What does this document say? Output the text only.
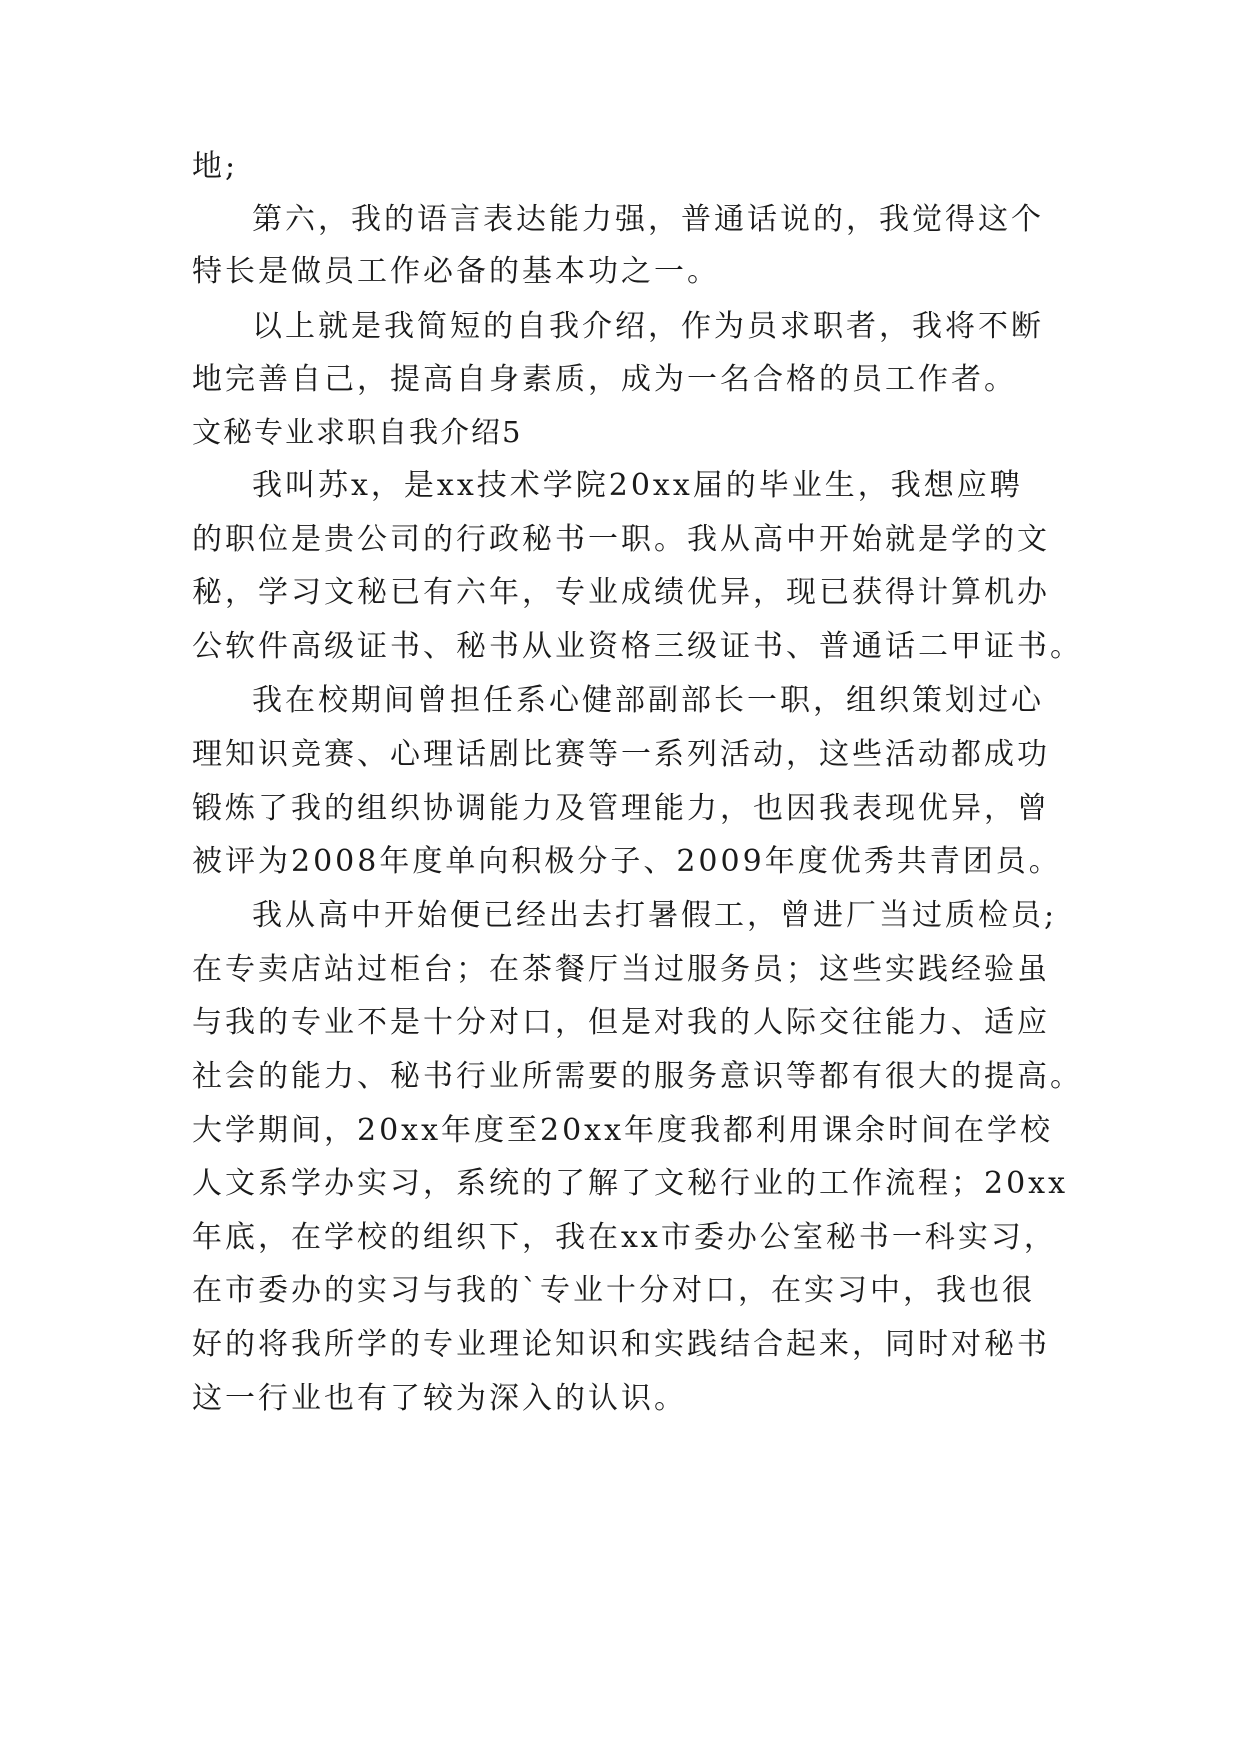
地;

第六，我的语言表达能力强，普通话说的，我觉得这个

特长是做员工作必备的基本功之一。

以上就是我简短的自我介绍，作为员求职者，我将不断

地完善自己，提高自身素质，成为一名合格的员工作者。

文秘专业求职自我介绍5

我叫苏x，是xx技术学院20xx届的毕业生，我想应聘

的职位是贵公司的行政秘书一职。我从高中开始就是学的文

秘，学习文秘已有六年，专业成绩优异，现已获得计算机办

公软件高级证书、秘书从业资格三级证书、普通话二甲证书。

我在校期间曾担任系心健部副部长一职，组织策划过心

理知识竞赛、心理话剧比赛等一系列活动，这些活动都成功

锻炼了我的组织协调能力及管理能力，也因我表现优异，曾

被评为2008年度单向积极分子、2009年度优秀共青团员。

我从高中开始便已经出去打暑假工，曾进厂当过质检员;

在专卖店站过柜台；在茶餐厅当过服务员；这些实践经验虽

与我的专业不是十分对口，但是对我的人际交往能力、适应

社会的能力、秘书行业所需要的服务意识等都有很大的提高。

大学期间，20xx年度至20xx年度我都利用课余时间在学校

人文系学办实习，系统的了解了文秘行业的工作流程；20xx

年底，在学校的组织下，我在xx市委办公室秘书一科实习，

在市委办的实习与我的`专业十分对口，在实习中，我也很

好的将我所学的专业理论知识和实践结合起来，同时对秘书

这一行业也有了较为深入的认识。
